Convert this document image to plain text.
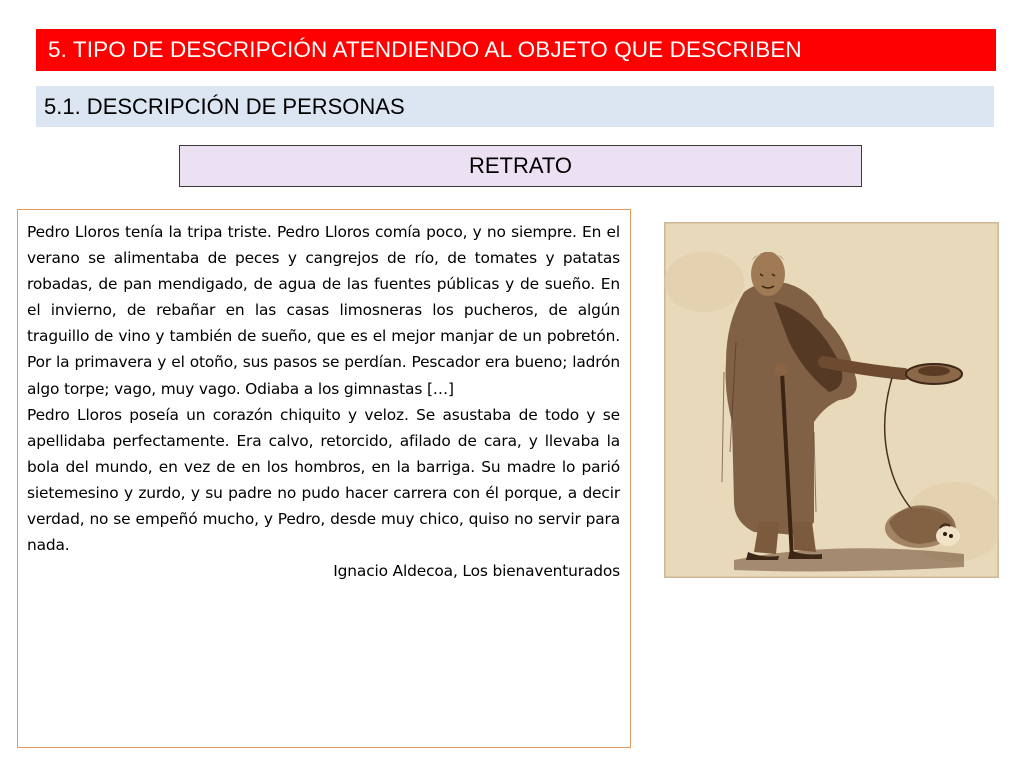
5. TIPO DE DESCRIPCIÓN ATENDIENDO AL OBJETO QUE DESCRIBEN
5.1. DESCRIPCIÓN DE PERSONAS
RETRATO

Pedro Lloros tenía la tripa triste. Pedro Lloros comía poco, y no siempre. En el verano se alimentaba de peces y cangrejos de río, de tomates y patatas robadas, de pan mendigado, de agua de las fuentes públicas y de sueño. En el invierno, de rebañar en las casas limosneras los pucheros, de algún traguillo de vino y también de sueño, que es el mejor manjar de un pobretón. Por la primavera y el otoño, sus pasos se perdían. Pescador era bueno; ladrón algo torpe; vago, muy vago. Odiaba a los gimnastas […]

Pedro Lloros poseía un corazón chiquito y veloz. Se asustaba de todo y se apellidaba perfectamente. Era calvo, retorcido, afilado de cara, y llevaba la bola del mundo, en vez de en los hombros, en la barriga. Su madre lo parió sietemesino y zurdo, y su padre no pudo hacer carrera con él porque, a decir verdad, no se empeñó mucho, y Pedro, desde muy chico, quiso no servir para nada.

Ignacio Aldecoa, Los bienaventurados
